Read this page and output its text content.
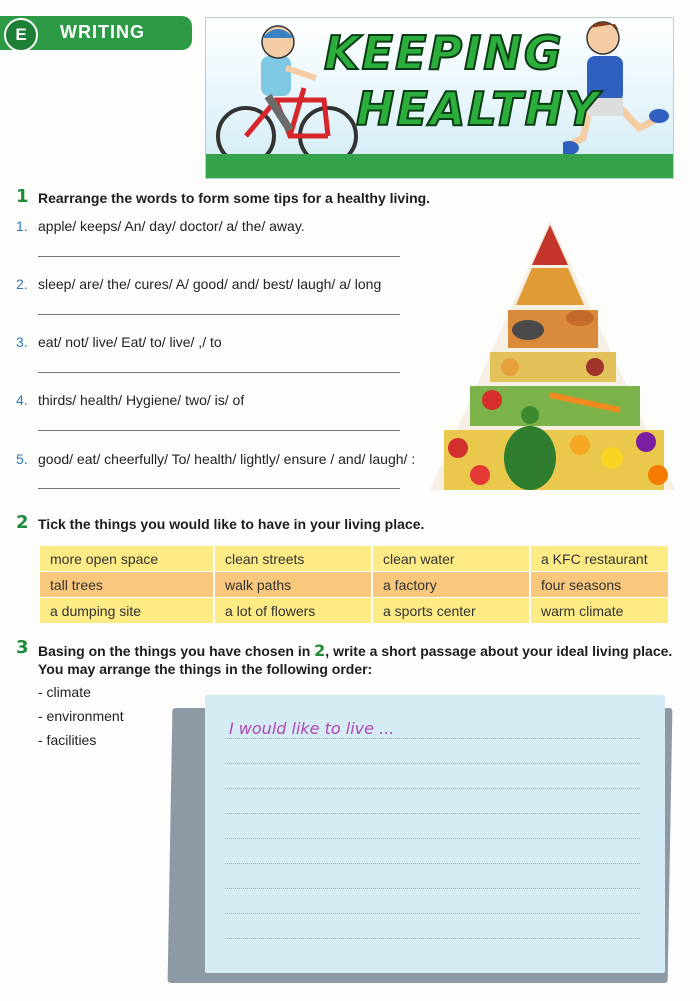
E	WRITING	KEEPING
HEALTHY
1 Rearrange the words to form some tips for a healthy living.
1. apple/ keeps/ An/ day/ doctor/ a/ the/ away.
2. sleep/ are/ the/ cures/ A/ good/ and/ best/ laugh/ a/ long
3. eat/ not/ live/ Eat/ to/ live/ ,/ to
4. thirds/ health/ Hygiene/ two/ is/ of
5. good/ eat/ cheerfully/ To/ health/ lightly/ ensure / and/ laugh/ :
2 Tick the things you would like to have in your living place.
more open space	clean streets	clean water	a KFC restaurant
tall trees	walk paths	a factory	four seasons
a dumping site	a lot of flowers	a sports center	warm climate
3 Basing on the things you have chosen in 2, write a short passage about your ideal living place.
You may arrange the things in the following order:
- climate
- environment
- facilities
I would like to live ...
